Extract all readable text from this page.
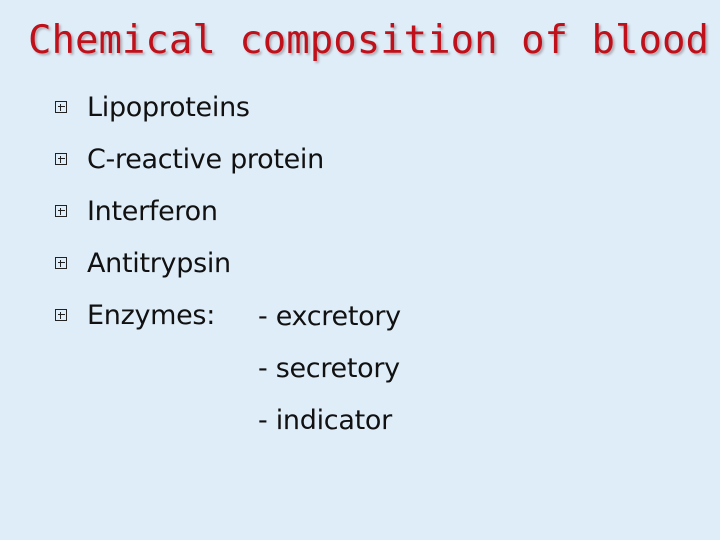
Chemical composition of blood
Lipoproteins
C-reactive protein
Interferon
Antitrypsin
Enzymes: - excretory
- secretory
- indicator
